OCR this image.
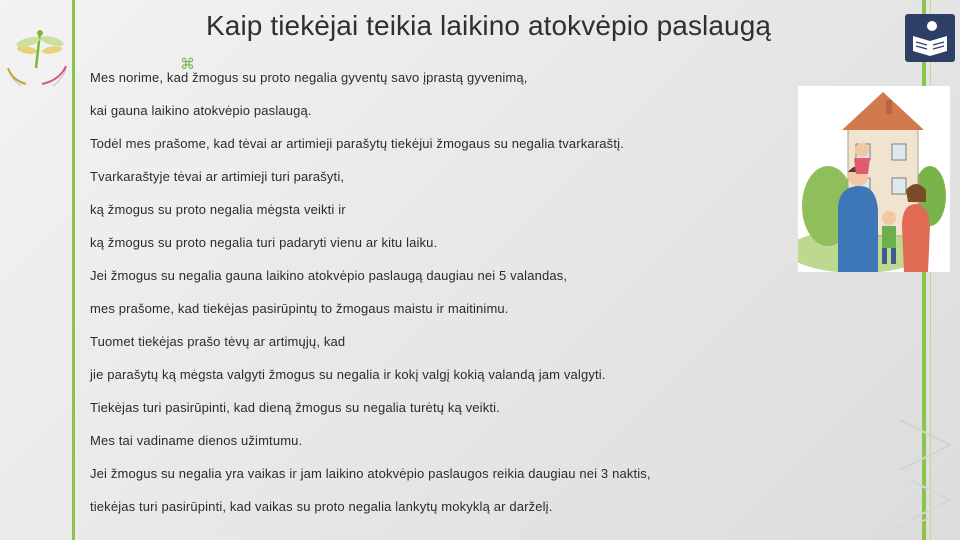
Kaip tiekėjai teikia laikino atokvėpio paslaugą
⌘
Mes norime, kad žmogus su proto negalia gyventų savo įprastą gyvenimą,
kai gauna laikino atokvėpio paslaugą.
Todėl mes prašome, kad tėvai ar artimieji parašytų tiekėjui žmogaus su negalia tvarkaraštį.
Tvarkaraštyje tėvai ar artimieji turi parašyti,
ką žmogus su proto negalia mėgsta veikti ir
ką žmogus su proto negalia turi padaryti vienu ar kitu laiku.
Jei žmogus su negalia gauna laikino atokvėpio paslaugą daugiau nei 5 valandas,
mes prašome, kad tiekėjas pasirūpintų to žmogaus maistu ir maitinimu.
Tuomet tiekėjas prašo tėvų ar artimųjų, kad
jie parašytų ką mėgsta valgyti žmogus su negalia ir kokį valgį kokią valandą jam valgyti.
Tiekėjas turi pasirūpinti, kad dieną žmogus su negalia turėtų ką veikti.
Mes tai vadiname dienos užimtumu.
Jei žmogus su negalia yra vaikas ir jam laikino atokvėpio paslaugos reikia daugiau nei 3 naktis,
tiekėjas turi pasirūpinti, kad vaikas su proto negalia lankytų mokyklą ar darželį.
